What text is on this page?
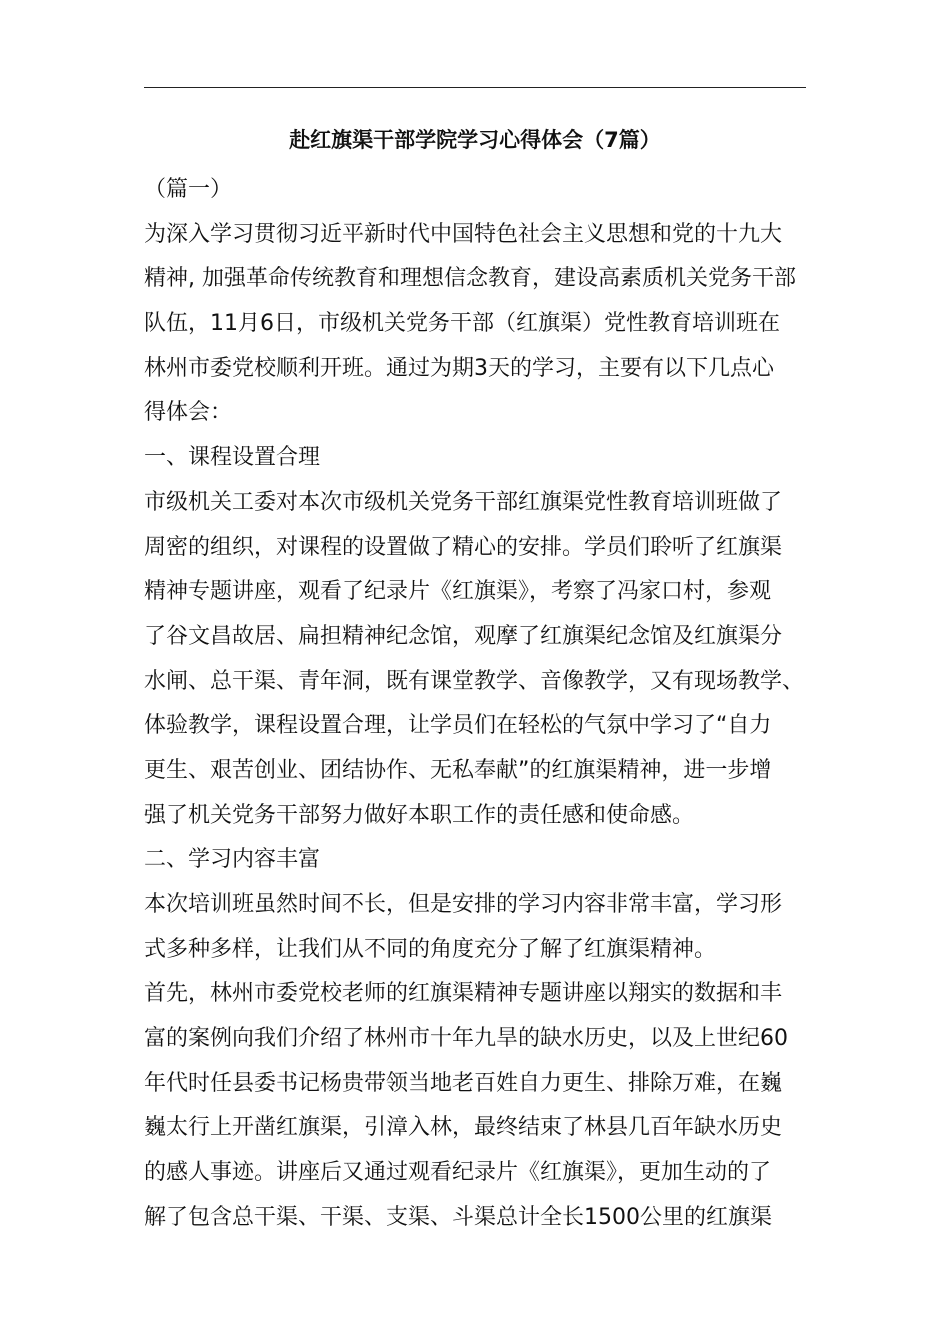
赴红旗渠干部学院学习心得体会（7篇）
（篇一）
为深入学习贯彻习近平新时代中国特色社会主义思想和党的十九大
精神, 加强革命传统教育和理想信念教育，建设高素质机关党务干部
队伍，11月6日，市级机关党务干部（红旗渠）党性教育培训班在
林州市委党校顺利开班。通过为期3天的学习，主要有以下几点心
得体会：
一、课程设置合理
市级机关工委对本次市级机关党务干部红旗渠党性教育培训班做了
周密的组织，对课程的设置做了精心的安排。学员们聆听了红旗渠
精神专题讲座，观看了纪录片《红旗渠》，考察了冯家口村，参观
了谷文昌故居、扁担精神纪念馆，观摩了红旗渠纪念馆及红旗渠分
水闸、总干渠、青年洞，既有课堂教学、音像教学，又有现场教学、
体验教学，课程设置合理，让学员们在轻松的气氛中学习了“自力
更生、艰苦创业、团结协作、无私奉献”的红旗渠精神，进一步增
强了机关党务干部努力做好本职工作的责任感和使命感。
二、学习内容丰富
本次培训班虽然时间不长，但是安排的学习内容非常丰富，学习形
式多种多样，让我们从不同的角度充分了解了红旗渠精神。
首先，林州市委党校老师的红旗渠精神专题讲座以翔实的数据和丰
富的案例向我们介绍了林州市十年九旱的缺水历史，以及上世纪60
年代时任县委书记杨贵带领当地老百姓自力更生、排除万难，在巍
巍太行上开凿红旗渠，引漳入林，最终结束了林县几百年缺水历史
的感人事迹。讲座后又通过观看纪录片《红旗渠》，更加生动的了
解了包含总干渠、干渠、支渠、斗渠总计全长1500公里的红旗渠
